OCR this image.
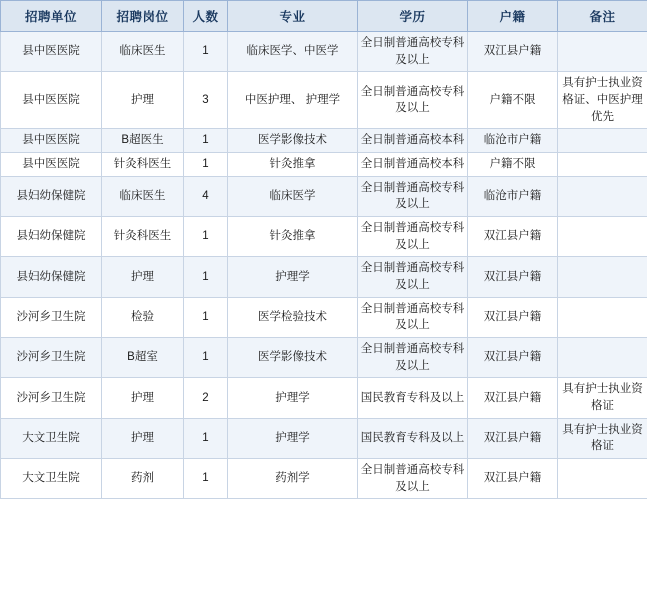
招聘单位	招聘岗位	人数	专业	学历	户籍	备注
县中医医院	临床医生	1	临床医学、中医学	全日制普通高校专科及以上	双江县户籍	
县中医医院	护理	3	中医护理、 护理学	全日制普通高校专科及以上	户籍不限	具有护士执业资格证、中医护理优先
县中医医院	B超医生	1	医学影像技术	全日制普通高校本科	临沧市户籍	
县中医医院	针灸科医生	1	针灸推拿	全日制普通高校本科	户籍不限	
县妇幼保健院	临床医生	4	临床医学	全日制普通高校专科及以上	临沧市户籍	
县妇幼保健院	针灸科医生	1	针灸推拿	全日制普通高校专科及以上	双江县户籍	
县妇幼保健院	护理	1	护理学	全日制普通高校专科及以上	双江县户籍	
沙河乡卫生院	检验	1	医学检验技术	全日制普通高校专科及以上	双江县户籍	
沙河乡卫生院	B超室	1	医学影像技术	全日制普通高校专科及以上	双江县户籍	
沙河乡卫生院	护理	2	护理学	国民教育专科及以上	双江县户籍	具有护士执业资格证
大文卫生院	护理	1	护理学	国民教育专科及以上	双江县户籍	具有护士执业资格证
大文卫生院	药剂	1	药剂学	全日制普通高校专科及以上	双江县户籍	
